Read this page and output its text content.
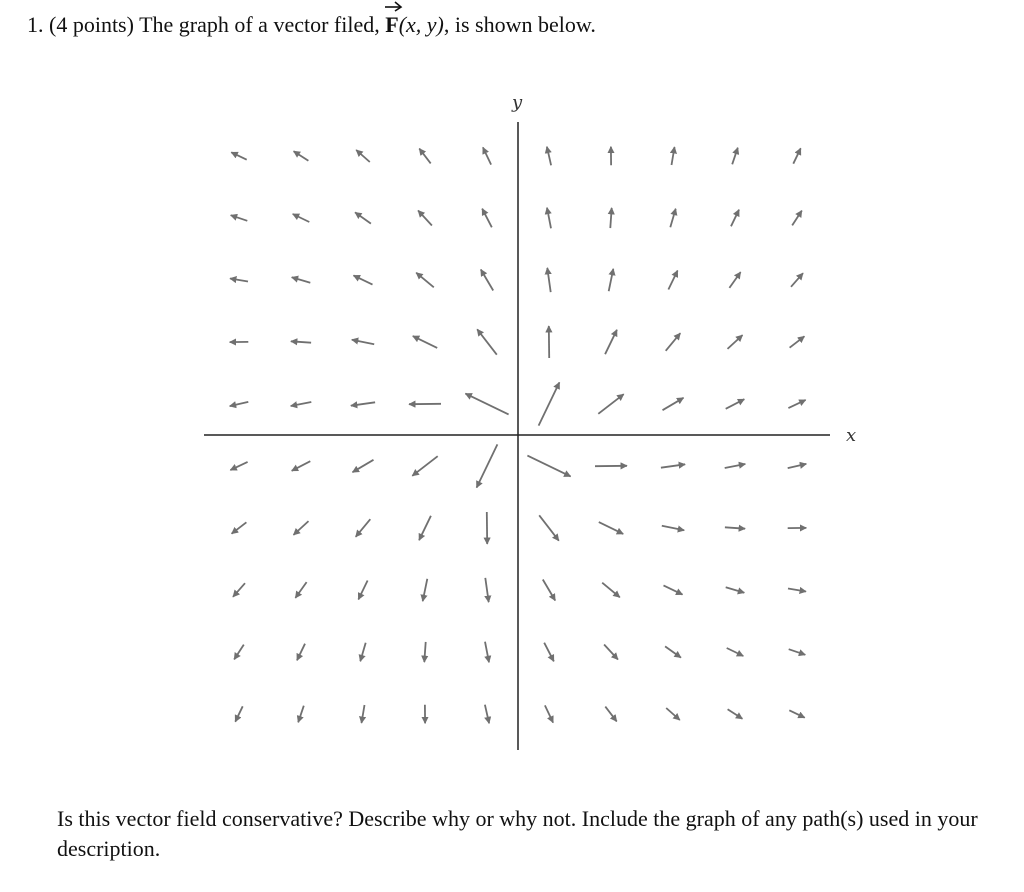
1. (4 points) The graph of a vector filed, F(x, y), is shown below.
x
y
Is this vector field conservative? Describe why or why not. Include the graph of any path(s) used in your description.
